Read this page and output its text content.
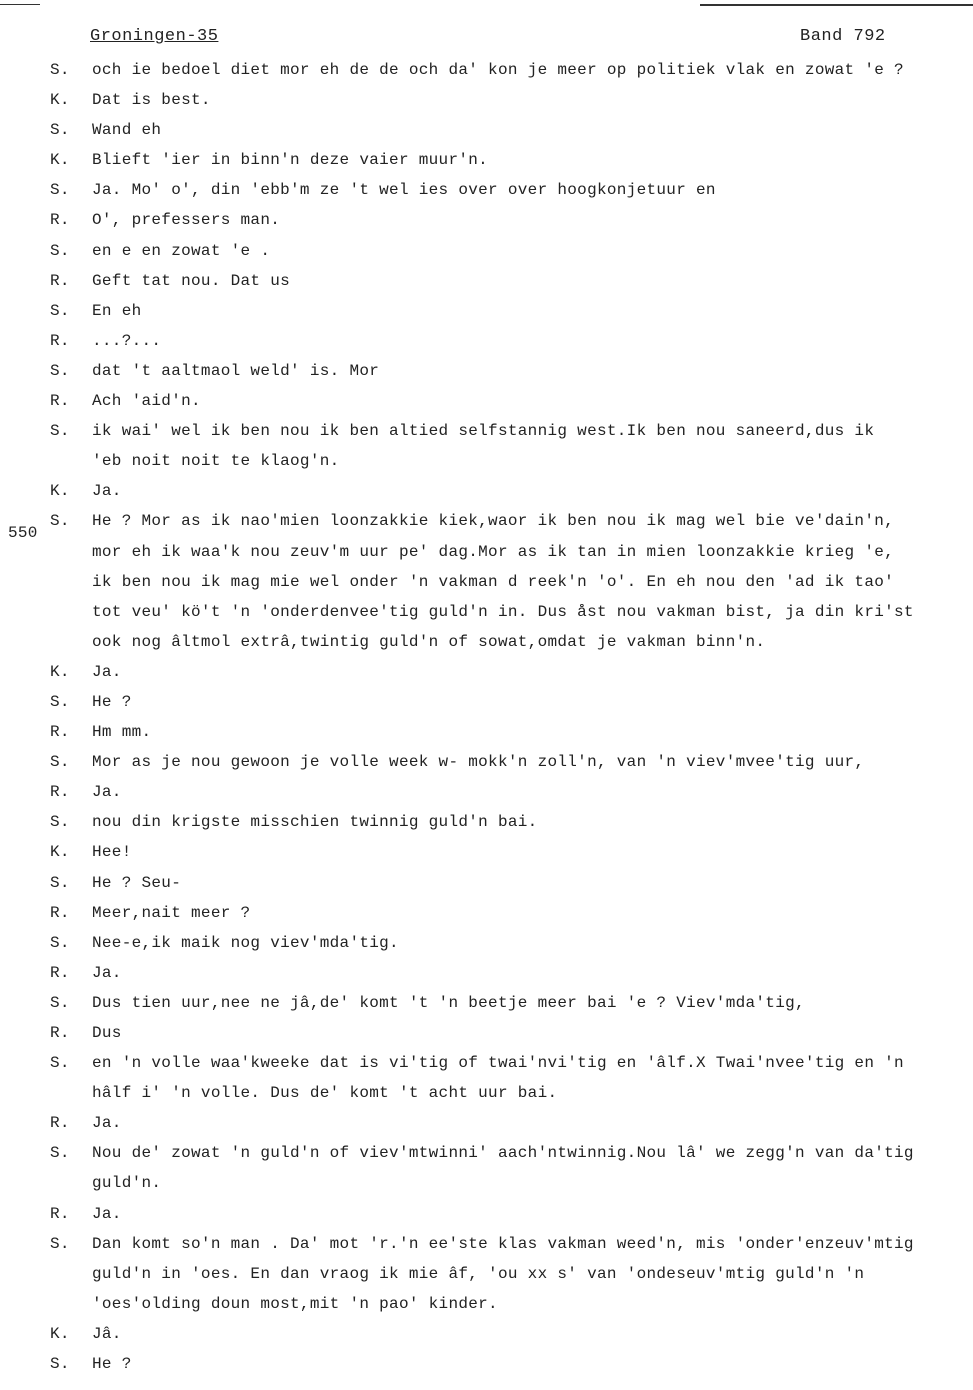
Groningen-35	Band 792
S. och ie bedoel diet mor eh de de och da' kon je meer op politiek vlak en zowat 'e ?
K. Dat is best.
S. Wand eh
K. Blieft 'ier in binn'n deze vaier muur'n.
S. Ja. Mo' o', din 'ebb'm ze 't wel ies over over hoogkonjetuur en
R. O', prefessers man.
S. en e en zowat 'e .
R. Geft tat nou. Dat us
S. En eh
R. ...?...
S. dat 't aaltmaol weld' is. Mor
R. Ach 'aid'n.
S. ik wai' wel ik ben nou ik ben altied selfstannig west.Ik ben nou saneerd,dus ik
'eb noit noit te klaog'n.
K. Ja.
550
S. He ? Mor as ik nao'mien loonzakkie kiek,waor ik ben nou ik mag wel bie ve'dain'n,
mor eh ik waa'k nou zeuv'm uur pe' dag.Mor as ik tan in mien loonzakkie krieg 'e,
ik ben nou ik mag mie wel onder 'n vakman d reek'n 'o'. En eh nou den 'ad ik tao'
tot veu' kö't 'n 'onderdenvee'tig guld'n in. Dus åst nou vakman bist, ja din kri'st
ook nog âltmol extrâ,twintig guld'n of sowat,omdat je vakman binn'n.
K. Ja.
S. He ?
R. Hm mm.
S. Mor as je nou gewoon je volle week w- mokk'n zoll'n, van 'n viev'mvee'tig uur,
R. Ja.
S. nou din krigste misschien twinnig guld'n bai.
K. Hee!
S. He ? Seu-
R. Meer,nait meer ?
S. Nee-e,ik maik nog viev'mda'tig.
R. Ja.
S. Dus tien uur,nee ne jâ,de' komt 't 'n beetje meer bai 'e ? Viev'mda'tig,
R. Dus
S. en 'n volle waa'kweeke dat is vi'tig of twai'nvi'tig en 'âlf.X Twai'nvee'tig en 'n
hâlf i' 'n volle. Dus de' komt 't acht uur bai.
R. Ja.
S. Nou de' zowat 'n guld'n of viev'mtwinni' aach'ntwinnig.Nou lâ' we zegg'n van da'tig
guld'n.
R. Ja.
S. Dan komt so'n man . Da' mot 'r.'n ee'ste klas vakman weed'n, mis 'onder'enzeuv'mtig
guld'n in 'oes. En dan vraog ik mie âf, 'ou xx s' van 'ondeseuv'mtig guld'n 'n
'oes'olding doun most,mit 'n pao' kinder.
K. Jâ.
S. He ?
